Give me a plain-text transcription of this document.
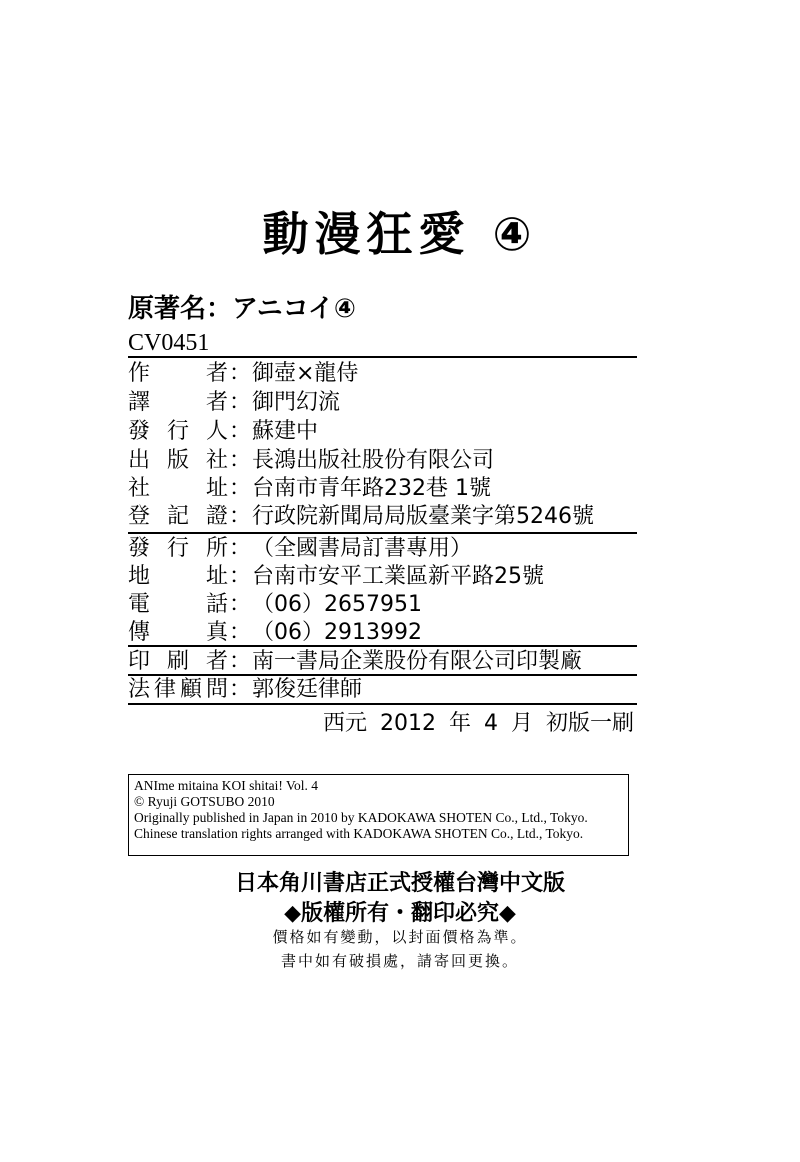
動漫狂愛 ④
原著名：アニコイ④
CV0451
作者 ： 御壺×龍侍
譯者 ： 御門幻流
發行人 ： 蘇建中
出版社 ： 長鴻出版社股份有限公司
社址 ： 台南市青年路232巷 1號
登記證 ： 行政院新聞局局版臺業字第5246號
發行所 ： （全國書局訂書專用）
地址 ： 台南市安平工業區新平路25號
電話 ： （06）2657951
傳真 ： （06）2913992
印刷者 ： 南一書局企業股份有限公司印製廠
法律顧問 ： 郭俊廷律師
西元 2012 年 4 月 初版一刷
ANIme mitaina KOI shitai! Vol. 4
© Ryuji GOTSUBO 2010
Originally published in Japan in 2010 by KADOKAWA SHOTEN Co., Ltd., Tokyo.
Chinese translation rights arranged with KADOKAWA SHOTEN Co., Ltd., Tokyo.
日本角川書店正式授權台灣中文版
◆版權所有・翻印必究◆
價格如有變動，以封面價格為準。
書中如有破損處，請寄回更換。
